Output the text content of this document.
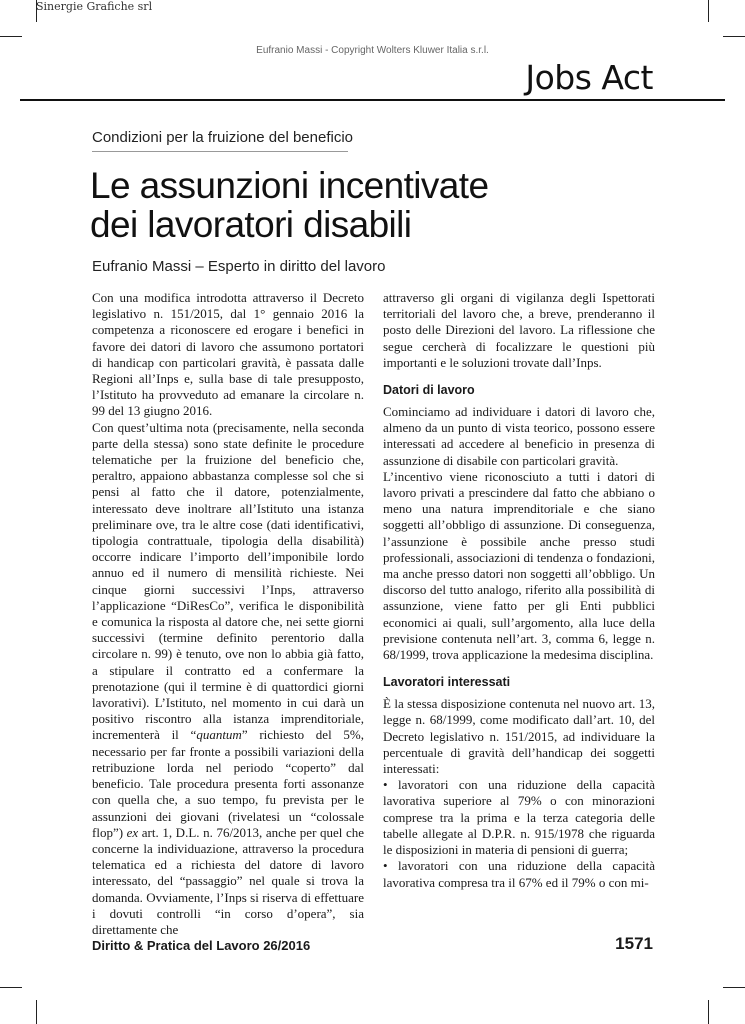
Sinergie Grafiche srl
Eufranio Massi - Copyright Wolters Kluwer Italia s.r.l.
Jobs Act
Condizioni per la fruizione del beneficio
Le assunzioni incentivate
dei lavoratori disabili
Eufranio Massi – Esperto in diritto del lavoro

Con una modifica introdotta attraverso il Decreto legislativo n. 151/2015, dal 1° gennaio 2016 la competenza a riconoscere ed erogare i benefici in favore dei datori di lavoro che assumono portatori di handicap con particolari gravità, è passata dalle Regioni all’Inps e, sulla base di tale presupposto, l’Istituto ha provveduto ad emanare la circolare n. 99 del 13 giugno 2016.

Con quest’ultima nota (precisamente, nella seconda parte della stessa) sono state definite le procedure telematiche per la fruizione del beneficio che, peraltro, appaiono abbastanza complesse sol che si pensi al fatto che il datore, potenzialmente, interessato deve inoltrare all’Istituto una istanza preliminare ove, tra le altre cose (dati identificativi, tipologia contrattuale, tipologia della disabilità) occorre indicare l’importo dell’imponibile lordo annuo ed il numero di mensilità richieste. Nei cinque giorni successivi l’Inps, attraverso l’applicazione “DiResCo”, verifica le disponibilità e comunica la risposta al datore che, nei sette giorni successivi (termine definito perentorio dalla circolare n. 99) è tenuto, ove non lo abbia già fatto, a stipulare il contratto ed a confermare la prenotazione (qui il termine è di quattordici giorni lavorativi). L’Istituto, nel momento in cui darà un positivo riscontro alla istanza imprenditoriale, incrementerà il “quantum” richiesto del 5%, necessario per far fronte a possibili variazioni della retribuzione lorda nel periodo “coperto” dal beneficio. Tale procedura presenta forti assonanze con quella che, a suo tempo, fu prevista per le assunzioni dei giovani (rivelatesi un “colossale flop”) ex art. 1, D.L. n. 76/2013, anche per quel che concerne la individuazione, attraverso la procedura telematica ed a richiesta del datore di lavoro interessato, del “passaggio” nel quale si trova la domanda. Ovviamente, l’Inps si riserva di effettuare i dovuti controlli “in corso d’opera”, sia direttamente che

attraverso gli organi di vigilanza degli Ispettorati territoriali del lavoro che, a breve, prenderanno il posto delle Direzioni del lavoro. La riflessione che segue cercherà di focalizzare le questioni più importanti e le soluzioni trovate dall’Inps.

Datori di lavoro

Cominciamo ad individuare i datori di lavoro che, almeno da un punto di vista teorico, possono essere interessati ad accedere al beneficio in presenza di assunzione di disabile con particolari gravità.

L’incentivo viene riconosciuto a tutti i datori di lavoro privati a prescindere dal fatto che abbiano o meno una natura imprenditoriale e che siano soggetti all’obbligo di assunzione. Di conseguenza, l’assunzione è possibile anche presso studi professionali, associazioni di tendenza o fondazioni, ma anche presso datori non soggetti all’obbligo. Un discorso del tutto analogo, riferito alla possibilità di assunzione, viene fatto per gli Enti pubblici economici ai quali, sull’argomento, alla luce della previsione contenuta nell’art. 3, comma 6, legge n. 68/1999, trova applicazione la medesima disciplina.

Lavoratori interessati

È la stessa disposizione contenuta nel nuovo art. 13, legge n. 68/1999, come modificato dall’art. 10, del Decreto legislativo n. 151/2015, ad individuare la percentuale di gravità dell’handicap dei soggetti interessati:

• lavoratori con una riduzione della capacità lavorativa superiore al 79% o con minorazioni comprese tra la prima e la terza categoria delle tabelle allegate al D.P.R. n. 915/1978 che riguarda le disposizioni in materia di pensioni di guerra;

• lavoratori con una riduzione della capacità lavorativa compresa tra il 67% ed il 79% o con mi-

Diritto & Pratica del Lavoro 26/2016	1571
